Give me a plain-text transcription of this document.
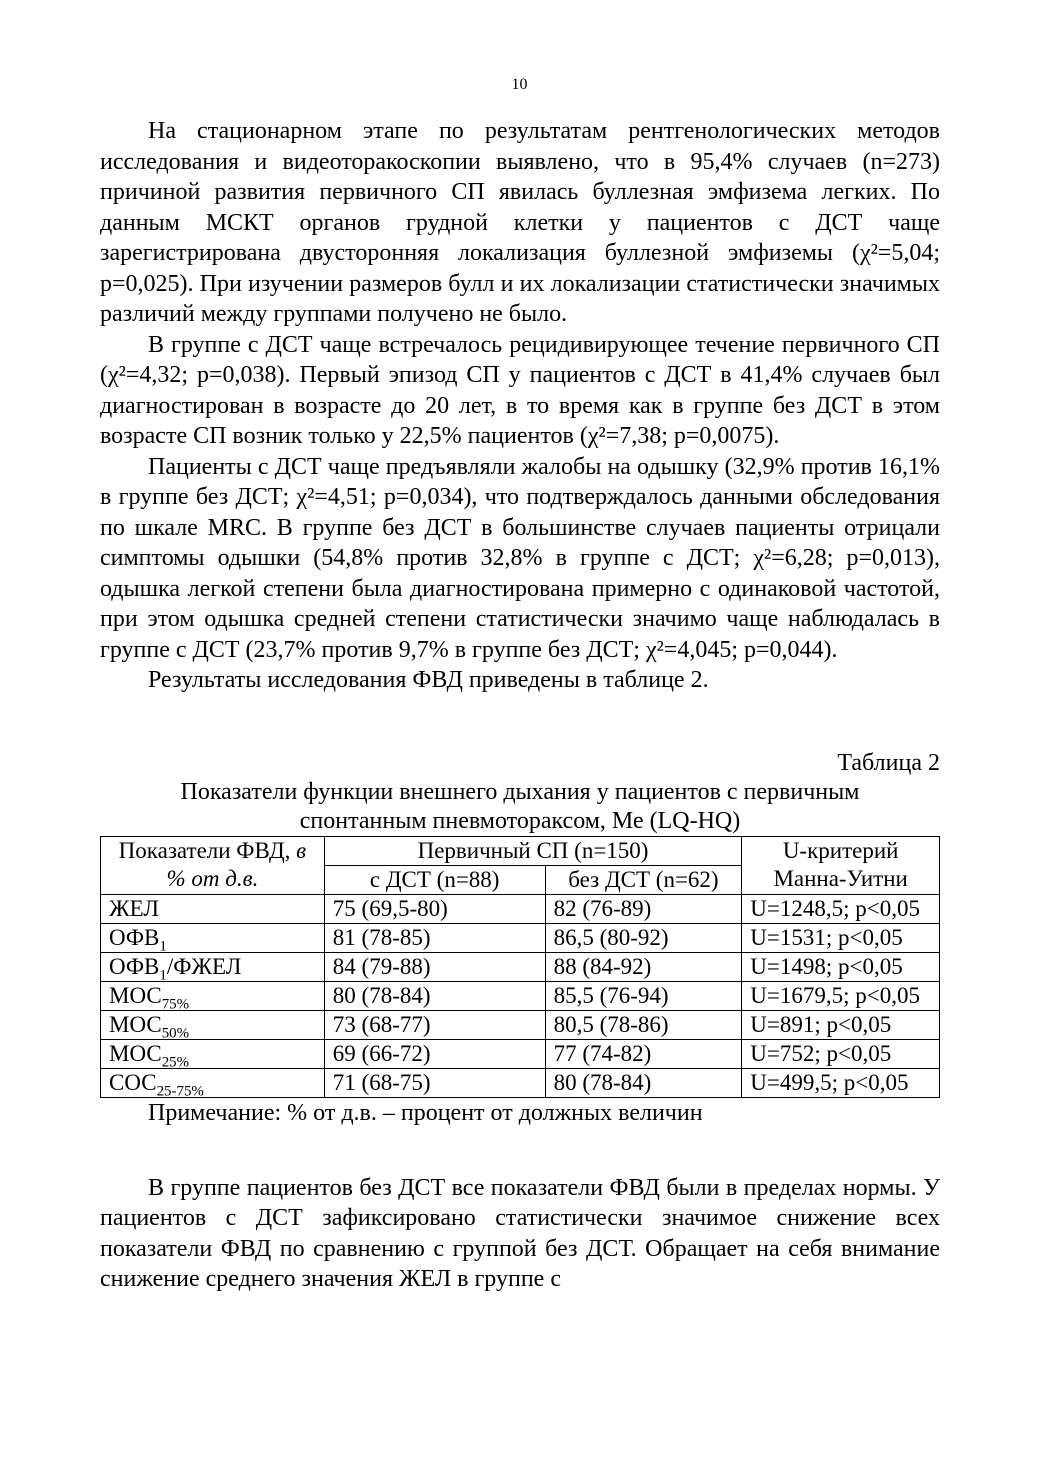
10

На стационарном этапе по результатам рентгенологических методов исследования и видеоторакоскопии выявлено, что в 95,4% случаев (n=273) причиной развития первичного СП явилась буллезная эмфизема легких. По данным МСКТ органов грудной клетки у пациентов с ДСТ чаще зарегистрирована двусторонняя локализация буллезной эмфиземы (χ²=5,04; p=0,025). При изучении размеров булл и их локализации статистически значимых различий между группами получено не было.

В группе с ДСТ чаще встречалось рецидивирующее течение первичного СП (χ²=4,32; p=0,038). Первый эпизод СП у пациентов с ДСТ в 41,4% случаев был диагностирован в возрасте до 20 лет, в то время как в группе без ДСТ в этом возрасте СП возник только у 22,5% пациентов (χ²=7,38; p=0,0075).

Пациенты с ДСТ чаще предъявляли жалобы на одышку (32,9% против 16,1% в группе без ДСТ; χ²=4,51; p=0,034), что подтверждалось данными обследования по шкале MRC. В группе без ДСТ в большинстве случаев пациенты отрицали симптомы одышки (54,8% против 32,8% в группе с ДСТ; χ²=6,28; p=0,013), одышка легкой степени была диагностирована примерно с одинаковой частотой, при этом одышка средней степени статистически значимо чаще наблюдалась в группе с ДСТ (23,7% против 9,7% в группе без ДСТ; χ²=4,045; p=0,044).

Результаты исследования ФВД приведены в таблице 2.

Таблица 2
Показатели функции внешнего дыхания у пациентов с первичным
спонтанным пневмотораксом, Ме (LQ-HQ)
Показатели ФВД, в
% от д.в.	Первичный СП (n=150)		U-критерий Манна-Уитни
	с ДСТ (n=88)	без ДСТ (n=62)	
ЖЕЛ	75 (69,5-80)	82 (76-89)	U=1248,5; p<0,05
$ОФВ_1$	81 (78-85)	86,5 (80-92)	U=1531; p<0,05
$ОФВ_1$/ФЖЕЛ	84 (79-88)	88 (84-92)	U=1498; p<0,05
$МОС_{75\%}$	80 (78-84)	85,5 (76-94)	U=1679,5; p<0,05
$МОС_{50\%}$	73 (68-77)	80,5 (78-86)	U=891; p<0,05
$МОС_{25\%}$	69 (66-72)	77 (74-82)	U=752; p<0,05
$СОС_{25-75\%}$	71 (68-75)	80 (78-84)	U=499,5; p<0,05

Примечание: % от д.в. – процент от должных величин

В группе пациентов без ДСТ все показатели ФВД были в пределах нормы. У пациентов с ДСТ зафиксировано статистически значимое снижение всех показатели ФВД по сравнению с группой без ДСТ. Обращает на себя внимание снижение среднего значения ЖЕЛ в группе с
